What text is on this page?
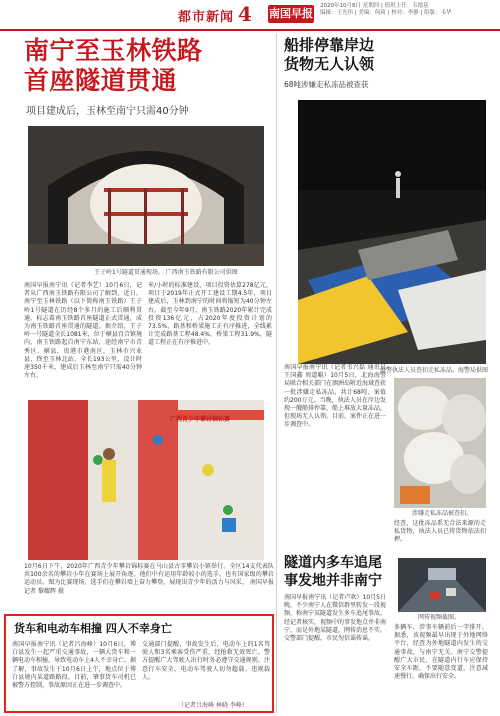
都市新闻 4 南国早报
2020年10月8日 星期四 | 值班主任：韦德基
编辑：王光伟 | 美编：何琦 | 校对：李静 | 组版：韦华
南宁至玉林铁路
首座隧道贯通
项目建成后，玉林至南宁只需40分钟
王子岭1号隧道贯通现场。 广西南玉铁路有限公司供图
南国早报南宁讯（记者李艺）10月6日，记者从广西南玉铁路有限公司了解到，近日，南宁至玉林铁路（以下简称南玉铁路）王子岭1号隧道在历经8个多月的施工后顺利贯通，标志着南玉铁路首座隧道正式贯通，成为南玉铁路首座贯通的隧道。据介绍，王子岭一号隧道全长1081米，位于横县百合镇境内，南玉铁路起自南宁东站，途经南宁市青秀区、横县，贵港市港南区，玉林市兴业县，终至玉林北站，全长193公里，设计时速350千米，建成后玉林至南宁只需40分钟左右。
米/小时的标准建设，项目投资估算278亿元，项目于2019年正式开工建设工期4.5年，项目建成后，玉林到南宁的时间将缩短为40分钟左右。截至今年9月，南玉铁路2020年累计完成投资136亿元，占2020年度投资计划的73.5%，路基和桥梁施工正有序推进，全线累计完成路基工程48.4%、桥梁工程31.9%，隧道工程正在有序推进中。
广西青少年攀岩锦标赛
10月6日下午，2020年广西青少年攀岩锦标赛在马山县古零攀岩小镇举行。全区14支代表队共100余名的攀岩小年在赛场上展开角逐。他们中有运用年龄较小的选手，也有国家级的攀岩运动员。图为比赛现场，选手们在攀岩墙上奋力攀登，展现出青少年的活力与风采。 南国早报记者 黎耀辉 摄
货车和电动车相撞 四人不幸身亡
南国早报南宁讯（记者吕海峰）10月6日，博白县发生一起严重交通事故，一辆大货车和一辆电动车相撞，导致电动车上4人不幸身亡。据了解，事故发生于10月6日上午，地点位于博白县境内某道路路段。目前，肇事货车司机已被警方控制，事故原因正在进一步调查中。
交通部门提醒，事故发生后，电动车上的1名驾驶人和3名乘客受伤严重，经抢救无效死亡。警方提醒广大驾驶人出行时务必遵守交通规则，注意行车安全，电动车驾驶人切勿超载、违规载人。
（记者吕海峰 林晓 李峰）
船排停靠岸边
货物无人认领
68吨涉嫌走私冻品被查获
海警执法人员查扣走私冻品。海警局供图
南国早报南宁讯（记者韦兴磊 通讯员王国鑫 周道鲲）10月5日，北海海警局联合相关部门在涠洲岛附近海域查获一批涉嫌走私冻品，共计68吨，案值约200万元。当晚，执法人员在岸边发现一艘船排停靠，船上堆放大量冻品，但现场无人认领。目前，案件正在进一步调查中。
涉嫌走私冻品被查扣。
经查，这批冻品系无合法来源的走私货物，执法人员已将货物依法扣押。
隧道内多车追尾
事发地并非南宁
南国早报南宁讯（记者卢欢）10月5日晚，不少南宁人在微信群里转发一段视频，称南宁某隧道发生多车追尾事故。经记者核实，视频中的事发地点并非南宁，而是外地某隧道，网传消息不实。交警部门提醒，市民勿信谣传谣。
网传视频截图。
多辆车，涉事车辆前后一字排开。据悉，该视频最早出现于外地网络平台，经查为外地隧道内发生的交通事故，与南宁无关。南宁交警提醒广大市民，在隧道内行车应保持安全车距，不要随意变道，注意减速慢行，确保出行安全。
